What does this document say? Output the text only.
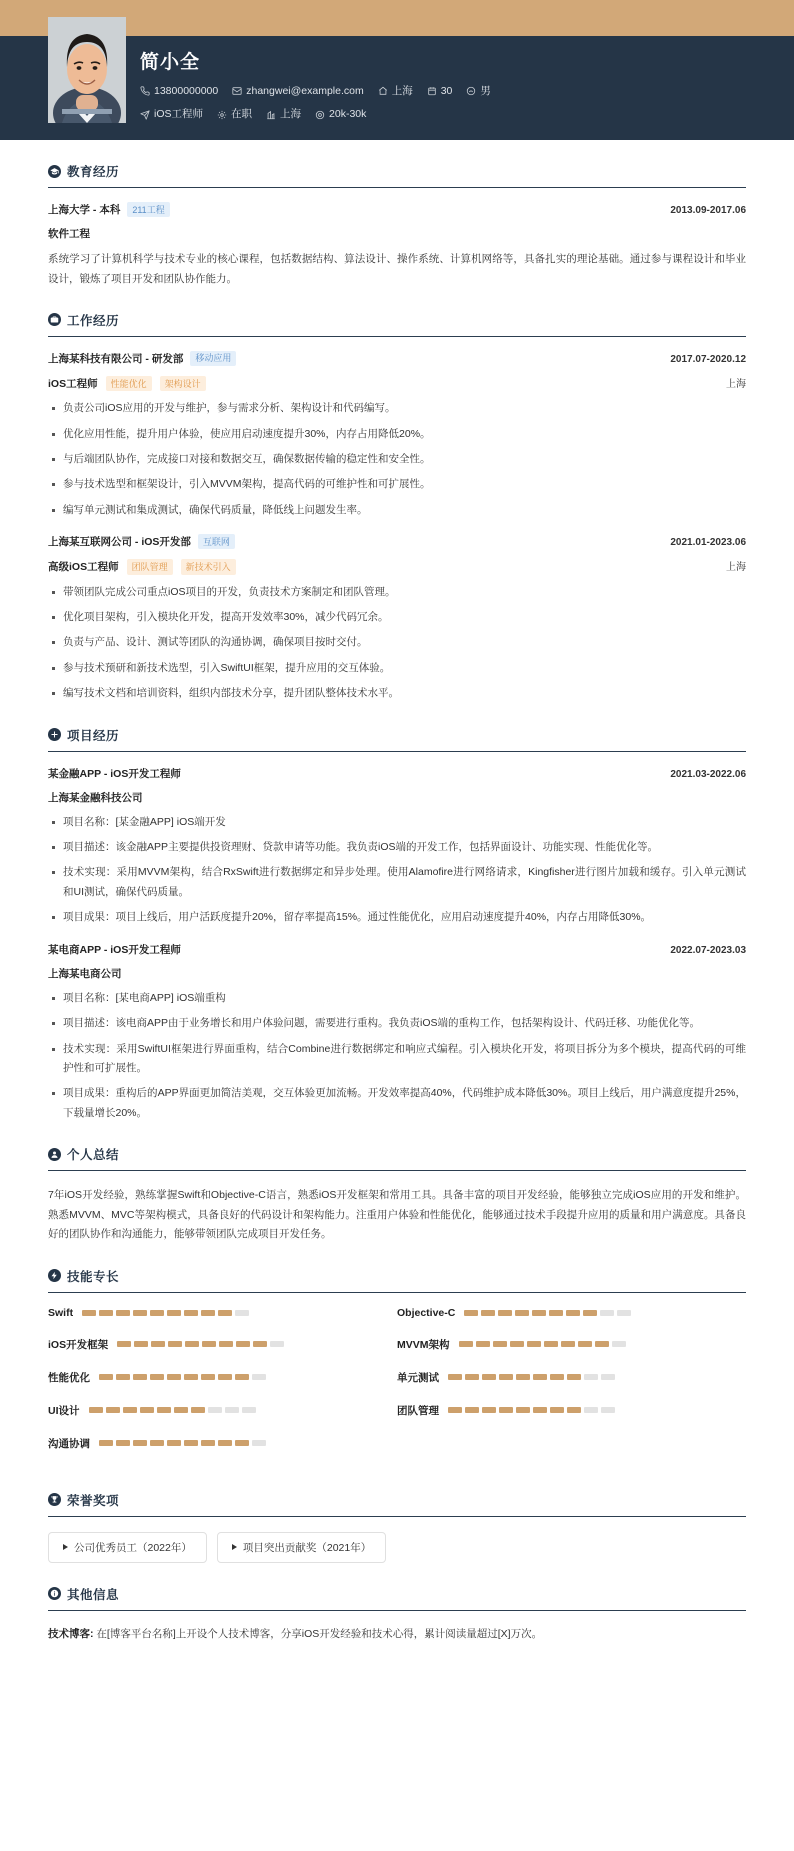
简小全
13800000000	zhangwei@example.com	上海	30	男
iOS工程师	在职	上海	20k-30k
教育经历
上海大学 - 本科	211工程	2013.09-2017.06
软件工程
系统学习了计算机科学与技术专业的核心课程，包括数据结构、算法设计、操作系统、计算机网络等，具备扎实的理论基础。通过参与课程设计和毕业设计，锻炼了项目开发和团队协作能力。
工作经历
上海某科技有限公司 - 研发部	移动应用	2017.07-2020.12
iOS工程师	性能优化	架构设计	上海
负责公司iOS应用的开发与维护，参与需求分析、架构设计和代码编写。
优化应用性能，提升用户体验，使应用启动速度提升30%，内存占用降低20%。
与后端团队协作，完成接口对接和数据交互，确保数据传输的稳定性和安全性。
参与技术选型和框架设计，引入MVVM架构，提高代码的可维护性和可扩展性。
编写单元测试和集成测试，确保代码质量，降低线上问题发生率。
上海某互联网公司 - iOS开发部	互联网	2021.01-2023.06
高级iOS工程师	团队管理	新技术引入	上海
带领团队完成公司重点iOS项目的开发，负责技术方案制定和团队管理。
优化项目架构，引入模块化开发，提高开发效率30%，减少代码冗余。
负责与产品、设计、测试等团队的沟通协调，确保项目按时交付。
参与技术预研和新技术选型，引入SwiftUI框架，提升应用的交互体验。
编写技术文档和培训资料，组织内部技术分享，提升团队整体技术水平。
项目经历
某金融APP - iOS开发工程师	2021.03-2022.06
上海某金融科技公司
项目名称：[某金融APP] iOS端开发
项目描述：该金融APP主要提供投资理财、贷款申请等功能。我负责iOS端的开发工作，包括界面设计、功能实现、性能优化等。
技术实现：采用MVVM架构，结合RxSwift进行数据绑定和异步处理。使用Alamofire进行网络请求，Kingfisher进行图片加载和缓存。引入单元测试和UI测试，确保代码质量。
项目成果：项目上线后，用户活跃度提升20%，留存率提高15%。通过性能优化，应用启动速度提升40%，内存占用降低30%。
某电商APP - iOS开发工程师	2022.07-2023.03
上海某电商公司
项目名称：[某电商APP] iOS端重构
项目描述：该电商APP由于业务增长和用户体验问题，需要进行重构。我负责iOS端的重构工作，包括架构设计、代码迁移、功能优化等。
技术实现：采用SwiftUI框架进行界面重构，结合Combine进行数据绑定和响应式编程。引入模块化开发，将项目拆分为多个模块，提高代码的可维护性和可扩展性。
项目成果：重构后的APP界面更加简洁美观，交互体验更加流畅。开发效率提高40%，代码维护成本降低30%。项目上线后，用户满意度提升25%，下载量增长20%。
个人总结
7年iOS开发经验，熟练掌握Swift和Objective-C语言，熟悉iOS开发框架和常用工具。具备丰富的项目开发经验，能够独立完成iOS应用的开发和维护。熟悉MVVM、MVC等架构模式，具备良好的代码设计和架构能力。注重用户体验和性能优化，能够通过技术手段提升应用的质量和用户满意度。具备良好的团队协作和沟通能力，能够带领团队完成项目开发任务。
技能专长
Swift	Objective-C
iOS开发框架	MVVM架构
性能优化	单元测试
UI设计	团队管理
沟通协调
荣誉奖项
公司优秀员工（2022年）	项目突出贡献奖（2021年）
其他信息
技术博客: 在[博客平台名称]上开设个人技术博客，分享iOS开发经验和技术心得，累计阅读量超过[X]万次。
